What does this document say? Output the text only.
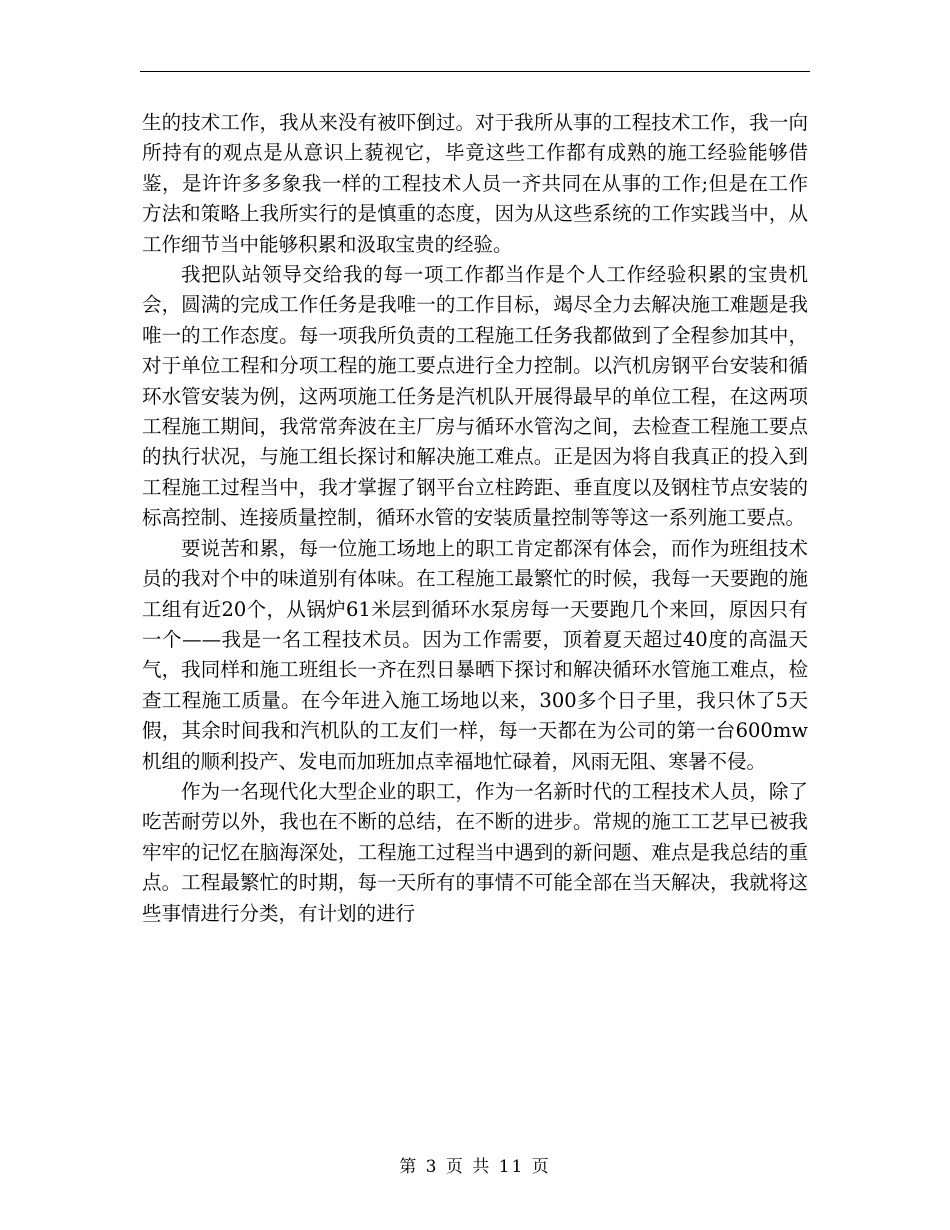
生的技术工作，我从来没有被吓倒过。对于我所从事的工程技术工作，我一向所持有的观点是从意识上藐视它，毕竟这些工作都有成熟的施工经验能够借鉴，是许许多多象我一样的工程技术人员一齐共同在从事的工作;但是在工作方法和策略上我所实行的是慎重的态度，因为从这些系统的工作实践当中，从工作细节当中能够积累和汲取宝贵的经验。

我把队站领导交给我的每一项工作都当作是个人工作经验积累的宝贵机会，圆满的完成工作任务是我唯一的工作目标，竭尽全力去解决施工难题是我唯一的工作态度。每一项我所负责的工程施工任务我都做到了全程参加其中，对于单位工程和分项工程的施工要点进行全力控制。以汽机房钢平台安装和循环水管安装为例，这两项施工任务是汽机队开展得最早的单位工程，在这两项工程施工期间，我常常奔波在主厂房与循环水管沟之间，去检查工程施工要点的执行状况，与施工组长探讨和解决施工难点。正是因为将自我真正的投入到工程施工过程当中，我才掌握了钢平台立柱跨距、垂直度以及钢柱节点安装的标高控制、连接质量控制，循环水管的安装质量控制等等这一系列施工要点。

要说苦和累，每一位施工场地上的职工肯定都深有体会，而作为班组技术员的我对个中的味道别有体味。在工程施工最繁忙的时候，我每一天要跑的施工组有近20个，从锅炉61米层到循环水泵房每一天要跑几个来回，原因只有一个——我是一名工程技术员。因为工作需要，顶着夏天超过40度的高温天气，我同样和施工班组长一齐在烈日暴晒下探讨和解决循环水管施工难点，检查工程施工质量。在今年进入施工场地以来，300多个日子里，我只休了5天假，其余时间我和汽机队的工友们一样，每一天都在为公司的第一台600mw机组的顺利投产、发电而加班加点幸福地忙碌着，风雨无阻、寒暑不侵。

作为一名现代化大型企业的职工，作为一名新时代的工程技术人员，除了吃苦耐劳以外，我也在不断的总结，在不断的进步。常规的施工工艺早已被我牢牢的记忆在脑海深处，工程施工过程当中遇到的新问题、难点是我总结的重点。工程最繁忙的时期，每一天所有的事情不可能全部在当天解决，我就将这些事情进行分类，有计划的进行

第 3 页 共 11 页
